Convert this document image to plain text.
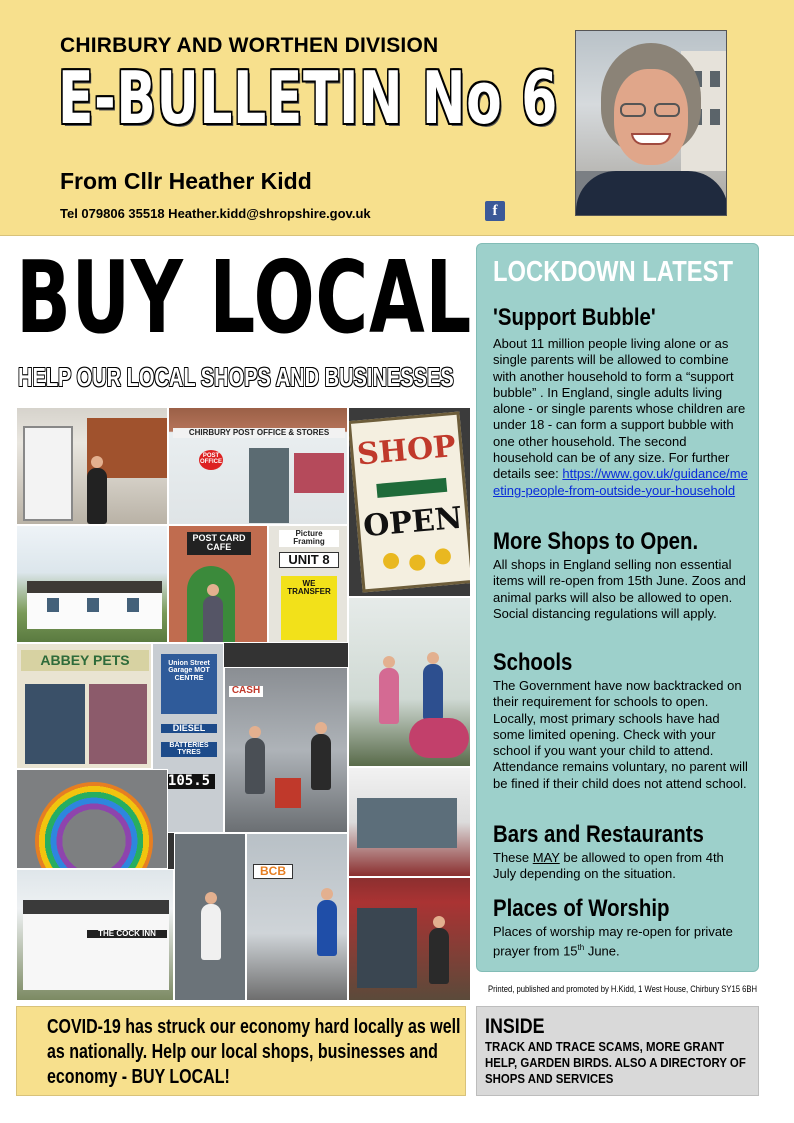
CHIRBURY AND WORTHEN DIVISION
E-BULLETIN No 6
From Cllr Heather Kidd
Tel 079806 35518 Heather.kidd@shropshire.gov.uk	f
BUY LOCAL
HELP OUR LOCAL SHOPS AND BUSINESSES
CHIRBURY POST OFFICE & STORES
POST OFFICE	SHOP
OPEN
POST CARD CAFE
Picture Framing
UNIT 8
WE TRANSFER
ABBEY PETS	Union Street Garage MOT CENTRE
DIESEL
BATTERIES TYRES
105.5
CASH
THE COCK INN
BCB
LOCKDOWN LATEST
'Support Bubble'
About 11 million people living alone or as single parents will be allowed to combine with another household to form a “support bubble” . In England, single adults living alone - or single parents whose children are under 18 - can form a support bubble with one other household. The second household can be of any size. For further details see: https://www.gov.uk/guidance/meeting-people-from-outside-your-household
More Shops to Open.
All shops in England selling non essential items will re-open from 15th June. Zoos and animal parks will also be allowed to open. Social distancing regulations will apply.
Schools
The Government have now backtracked on their requirement for schools to open. Locally, most primary schools have had some limited opening. Check with your school if you want your child to attend. Attendance remains voluntary, no parent will be fined if their child does not attend school.
Bars and Restaurants
These MAY be allowed to open from 4th July depending on the situation.
Places of Worship
Places of worship may re-open for private prayer from 15th June.
Printed, published and promoted by H.Kidd, 1 West House, Chirbury SY15 6BH
COVID-19 has struck our economy hard locally as well as nationally. Help our local shops, businesses and economy - BUY LOCAL!
INSIDE
TRACK AND TRACE SCAMS, MORE GRANT HELP, GARDEN BIRDS. ALSO A DIRECTORY OF SHOPS AND SERVICES
